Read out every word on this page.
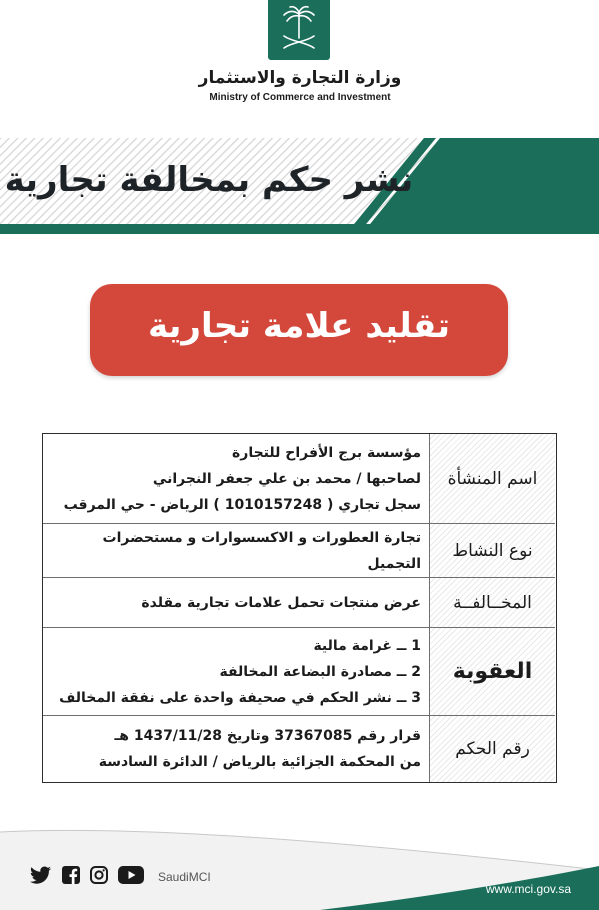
وزارة التجارة والاستثمار
Ministry of Commerce and Investment
نشر حكم بمخالفة تجارية
تقليد علامة تجارية
مؤسسة برج الأفراح للتجارة
لصاحبها / محمد بن علي جعفر النجراني
سجل تجاري ( 1010157248 ) الرياض - حي المرقب
اسم المنشأة
تجارة العطورات و الاكسسوارات و مستحضرات التجميل
نوع النشاط
عرض منتجات تحمل علامات تجارية مقلدة	المخــالفــة
1 ــ غرامة مالية
2 ــ مصادرة البضاعة المخالفة
3 ــ نشر الحكم في صحيفة واحدة على نفقة المخالف
العقوبة
قرار رقم 37367085 وتاريخ 1437/11/28 هـ
من المحكمة الجزائية بالرياض / الدائرة السادسة
رقم الحكم
SaudiMCI
www.mci.gov.sa
